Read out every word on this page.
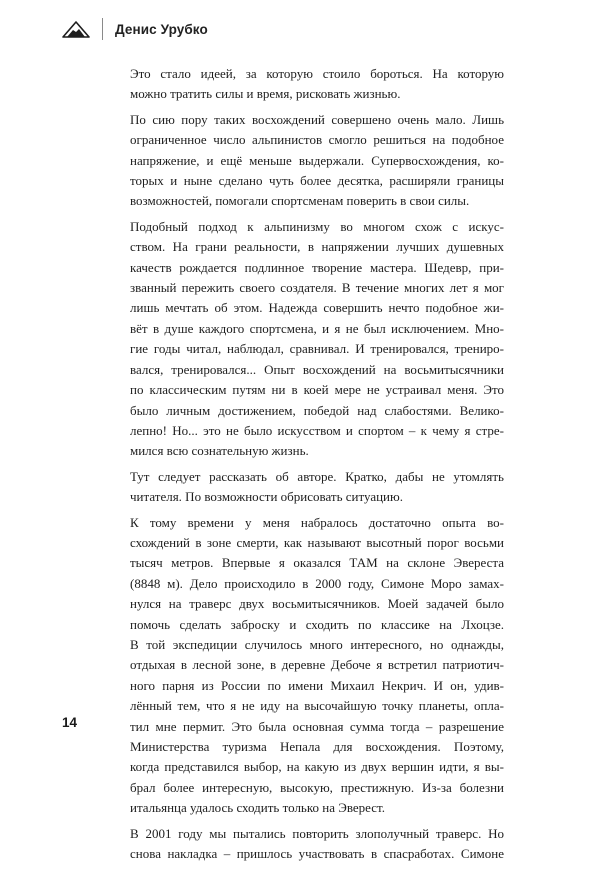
Денис Урубко

Это стало идеей, за которую стоило бороться. На которую
можно тратить силы и время, рисковать жизнью.

По сию пору таких восхождений совершено очень мало. Лишь
ограниченное число альпинистов смогло решиться на подобное
напряжение, и ещё меньше выдержали. Супервосхождения, ко-
торых и ныне сделано чуть более десятка, расширяли границы
возможностей, помогали спортсменам поверить в свои силы.

Подобный подход к альпинизму во многом схож с искус-
ством. На грани реальности, в напряжении лучших душевных
качеств рождается подлинное творение мастера. Шедевр, при-
званный пережить своего создателя. В течение многих лет я мог
лишь мечтать об этом. Надежда совершить нечто подобное жи-
вёт в душе каждого спортсмена, и я не был исключением. Мно-
гие годы читал, наблюдал, сравнивал. И тренировался, трениро-
вался, тренировался... Опыт восхождений на восьмитысячники
по классическим путям ни в коей мере не устраивал меня. Это
было личным достижением, победой над слабостями. Велико-
лепно! Но... это не было искусством и спортом – к чему я стре-
мился всю сознательную жизнь.

Тут следует рассказать об авторе. Кратко, дабы не утомлять
читателя. По возможности обрисовать ситуацию.

К тому времени у меня набралось достаточно опыта во-
схождений в зоне смерти, как называют высотный порог восьми
тысяч метров. Впервые я оказался ТАМ на склоне Эвереста
(8848 м). Дело происходило в 2000 году, Симоне Моро замах-
нулся на траверс двух восьмитысячников. Моей задачей было
помочь сделать заброску и сходить по классике на Лхоцзе.
В той экспедиции случилось много интересного, но однажды,
отдыхая в лесной зоне, в деревне Дебоче я встретил патриотич-
ного парня из России по имени Михаил Некрич. И он, удив-
лённый тем, что я не иду на высочайшую точку планеты, опла-
тил мне пермит. Это была основная сумма тогда – разрешение
Министерства туризма Непала для восхождения. Поэтому,
когда представился выбор, на какую из двух вершин идти, я вы-
брал более интересную, высокую, престижную. Из-за болезни
итальянца удалось сходить только на Эверест.

В 2001 году мы пытались повторить злополучный траверс. Но
снова накладка – пришлось участвовать в спасработах. Симоне

14
